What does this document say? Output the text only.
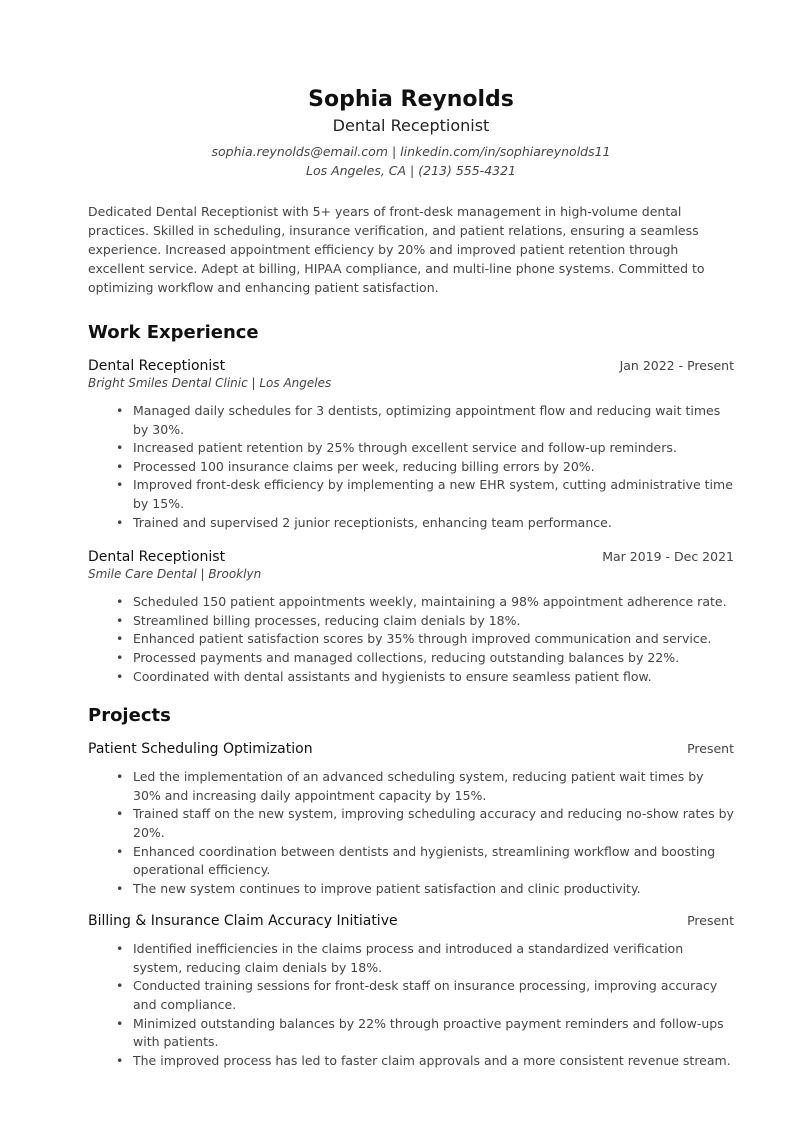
Sophia Reynolds
Dental Receptionist
sophia.reynolds@email.com | linkedin.com/in/sophiareynolds11
Los Angeles, CA | (213) 555-4321
Dedicated Dental Receptionist with 5+ years of front-desk management in high-volume dental practices. Skilled in scheduling, insurance verification, and patient relations, ensuring a seamless experience. Increased appointment efficiency by 20% and improved patient retention through excellent service. Adept at billing, HIPAA compliance, and multi-line phone systems. Committed to optimizing workflow and enhancing patient satisfaction.
Work Experience
Dental Receptionist	Jan 2022 - Present
Bright Smiles Dental Clinic | Los Angeles
• Managed daily schedules for 3 dentists, optimizing appointment flow and reducing wait times by 30%.
• Increased patient retention by 25% through excellent service and follow-up reminders.
• Processed 100 insurance claims per week, reducing billing errors by 20%.
• Improved front-desk efficiency by implementing a new EHR system, cutting administrative time by 15%.
• Trained and supervised 2 junior receptionists, enhancing team performance.
Dental Receptionist	Mar 2019 - Dec 2021
Smile Care Dental | Brooklyn
• Scheduled 150 patient appointments weekly, maintaining a 98% appointment adherence rate.
• Streamlined billing processes, reducing claim denials by 18%.
• Enhanced patient satisfaction scores by 35% through improved communication and service.
• Processed payments and managed collections, reducing outstanding balances by 22%.
• Coordinated with dental assistants and hygienists to ensure seamless patient flow.
Projects
Patient Scheduling Optimization	Present
• Led the implementation of an advanced scheduling system, reducing patient wait times by 30% and increasing daily appointment capacity by 15%.
• Trained staff on the new system, improving scheduling accuracy and reducing no-show rates by 20%.
• Enhanced coordination between dentists and hygienists, streamlining workflow and boosting operational efficiency.
• The new system continues to improve patient satisfaction and clinic productivity.
Billing & Insurance Claim Accuracy Initiative	Present
• Identified inefficiencies in the claims process and introduced a standardized verification system, reducing claim denials by 18%.
• Conducted training sessions for front-desk staff on insurance processing, improving accuracy and compliance.
• Minimized outstanding balances by 22% through proactive payment reminders and follow-ups with patients.
• The improved process has led to faster claim approvals and a more consistent revenue stream.
